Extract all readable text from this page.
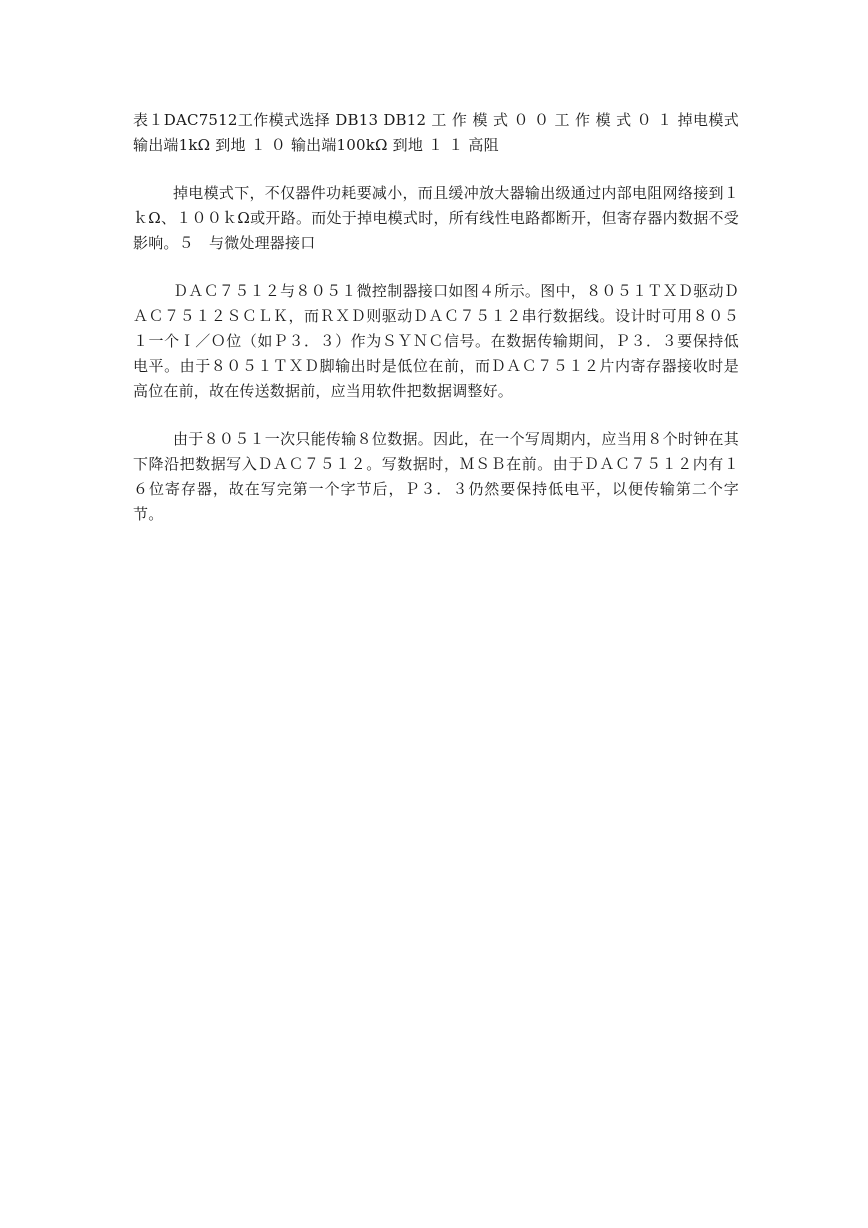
表１DAC7512工作模式选择 DB13 DB12 工 作 模 式 ０ ０ 工 作 模 式 ０ １ 掉电模式 输出端1kΩ 到地 １ ０ 输出端100kΩ 到地 １ １ 高阻

掉电模式下，不仅器件功耗要减小，而且缓冲放大器输出级通过内部电阻网络接到１ｋΩ、１００ｋΩ或开路。而处于掉电模式时，所有线性电路都断开，但寄存器内数据不受影响。５　与微处理器接口

ＤＡＣ７５１２与８０５１微控制器接口如图４所示。图中，８０５１ＴＸＤ驱动ＤＡＣ７５１２ＳＣＬＫ，而ＲＸＤ则驱动ＤＡＣ７５１２串行数据线。设计时可用８０５１一个Ｉ／Ｏ位（如Ｐ３．３）作为ＳＹＮＣ信号。在数据传输期间，Ｐ３．３要保持低电平。由于８０５１ＴＸＤ脚输出时是低位在前，而ＤＡＣ７５１２片内寄存器接收时是高位在前，故在传送数据前，应当用软件把数据调整好。

由于８０５１一次只能传输８位数据。因此，在一个写周期内，应当用８个时钟在其下降沿把数据写入ＤＡＣ７５１２。写数据时，ＭＳＢ在前。由于ＤＡＣ７５１２内有１６位寄存器，故在写完第一个字节后，Ｐ３．３仍然要保持低电平，以便传输第二个字节。
